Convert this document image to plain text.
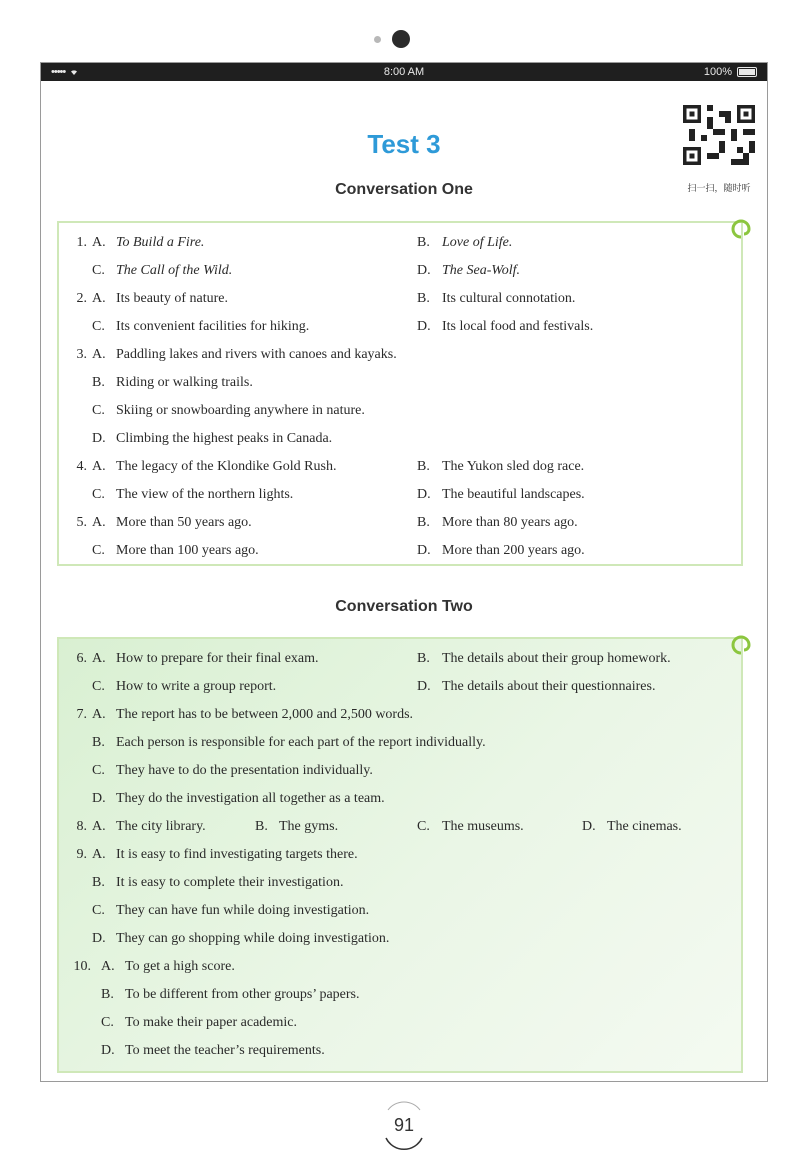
•••••	8:00 AM	100%
Test 3
扫一扫，随时听
Conversation One
1. A. To Build a Fire.	B. Love of Life.
C. The Call of the Wild.	D. The Sea-Wolf.
2. A. Its beauty of nature.	B. Its cultural connotation.
C. Its convenient facilities for hiking.	D. Its local food and festivals.
3. A. Paddling lakes and rivers with canoes and kayaks.
B. Riding or walking trails.
C. Skiing or snowboarding anywhere in nature.
D. Climbing the highest peaks in Canada.
4. A. The legacy of the Klondike Gold Rush.	B. The Yukon sled dog race.
C. The view of the northern lights.	D. The beautiful landscapes.
5. A. More than 50 years ago.	B. More than 80 years ago.
C. More than 100 years ago.	D. More than 200 years ago.
Conversation Two
6. A. How to prepare for their final exam.	B. The details about their group homework.
C. How to write a group report.	D. The details about their questionnaires.
7. A. The report has to be between 2,000 and 2,500 words.
B. Each person is responsible for each part of the report individually.
C. They have to do the presentation individually.
D. They do the investigation all together as a team.
8. A. The city library.	B. The gyms.	C. The museums.	D. The cinemas.
9. A. It is easy to find investigating targets there.
B. It is easy to complete their investigation.
C. They can have fun while doing investigation.
D. They can go shopping while doing investigation.
10. A. To get a high score.
B. To be different from other groups’ papers.
C. To make their paper academic.
D. To meet the teacher’s requirements.
91
